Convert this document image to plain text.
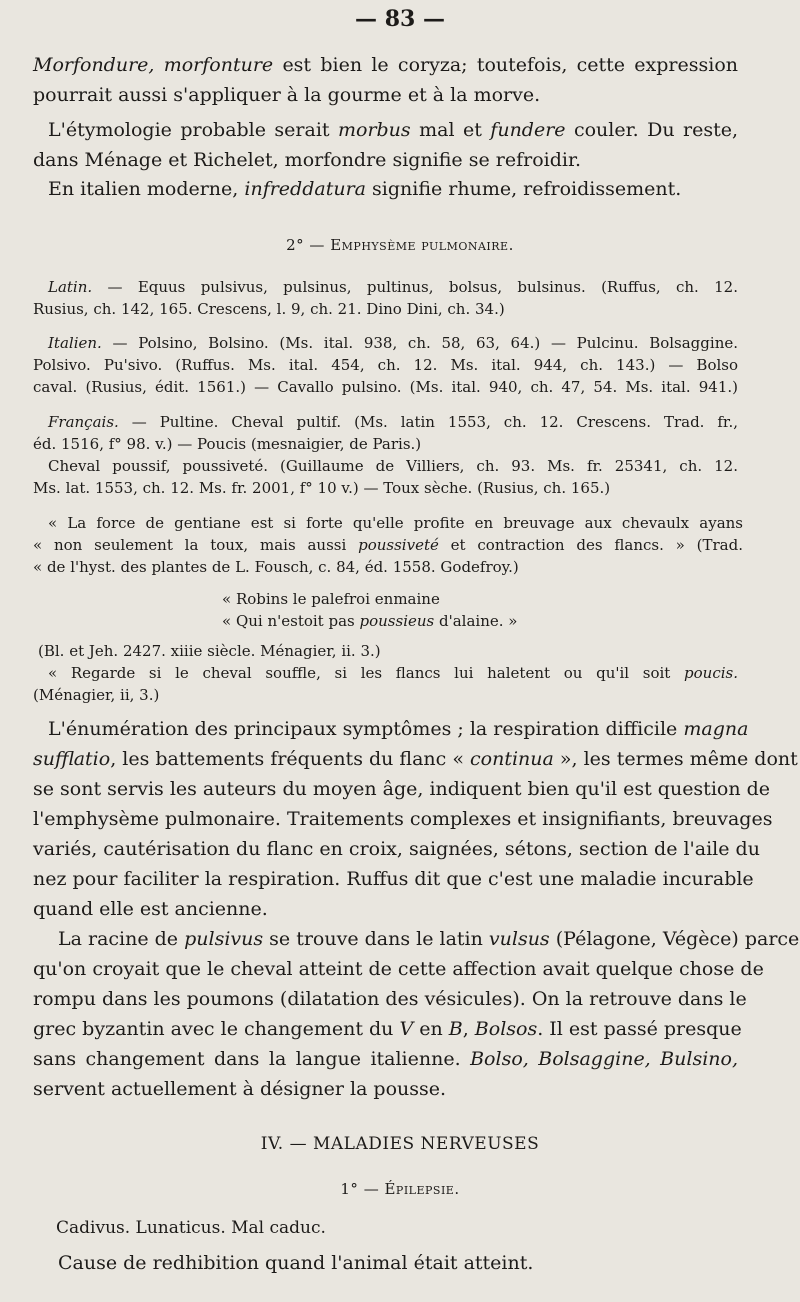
— 83 —
Morfondure, morfonture est bien le coryza; toutefois, cette expression
pourrait aussi s'appliquer à la gourme et à la morve.
L'étymologie probable serait morbus mal et fundere couler. Du reste,
dans Ménage et Richelet, morfondre signifie se refroidir.
En italien moderne, infreddatura signifie rhume, refroidissement.
2° — Emphysème pulmonaire.
Latin. — Equus pulsivus, pulsinus, pultinus, bolsus, bulsinus. (Ruffus, ch. 12.
Rusius, ch. 142, 165. Crescens, l. 9, ch. 21. Dino Dini, ch. 34.)
Italien. — Polsino, Bolsino. (Ms. ital. 938, ch. 58, 63, 64.) — Pulcinu. Bolsaggine.
Polsivo. Pu'sivo. (Ruffus. Ms. ital. 454, ch. 12. Ms. ital. 944, ch. 143.) — Bolso
caval. (Rusius, édit. 1561.) — Cavallo pulsino. (Ms. ital. 940, ch. 47, 54. Ms. ital. 941.)
Français. — Pultine. Cheval pultif. (Ms. latin 1553, ch. 12. Crescens. Trad. fr.,
éd. 1516, f° 98. v.) — Poucis (mesnaigier, de Paris.)
Cheval poussif, poussiveté. (Guillaume de Villiers, ch. 93. Ms. fr. 25341, ch. 12.
Ms. lat. 1553, ch. 12. Ms. fr. 2001, f° 10 v.) — Toux sèche. (Rusius, ch. 165.)
« La force de gentiane est si forte qu'elle profite en breuvage aux chevaulx ayans
« non seulement la toux, mais aussi poussiveté et contraction des flancs. » (Trad.
« de l'hyst. des plantes de L. Fousch, c. 84, éd. 1558. Godefroy.)
« Robins le palefroi enmaine
« Qui n'estoit pas poussieus d'alaine. »
(Bl. et Jeh. 2427. xiiie siècle. Ménagier, ii. 3.)
« Regarde si le cheval souffle, si les flancs lui haletent ou qu'il soit poucis.
(Ménagier, ii, 3.)
L'énumération des principaux symptômes ; la respiration difficile magna
sufflatio, les battements fréquents du flanc « continua », les termes même dont
se sont servis les auteurs du moyen âge, indiquent bien qu'il est question de
l'emphysème pulmonaire. Traitements complexes et insignifiants, breuvages
variés, cautérisation du flanc en croix, saignées, sétons, section de l'aile du
nez pour faciliter la respiration. Ruffus dit que c'est une maladie incurable
quand elle est ancienne.
La racine de pulsivus se trouve dans le latin vulsus (Pélagone, Végèce) parce
qu'on croyait que le cheval atteint de cette affection avait quelque chose de
rompu dans les poumons (dilatation des vésicules). On la retrouve dans le
grec byzantin avec le changement du V en B, Bolsos. Il est passé presque
sans changement dans la langue italienne. Bolso, Bolsaggine, Bulsino,
servent actuellement à désigner la pousse.
IV. — MALADIES NERVEUSES
1° — Épilepsie.
Cadivus. Lunaticus. Mal caduc.
Cause de redhibition quand l'animal était atteint.
